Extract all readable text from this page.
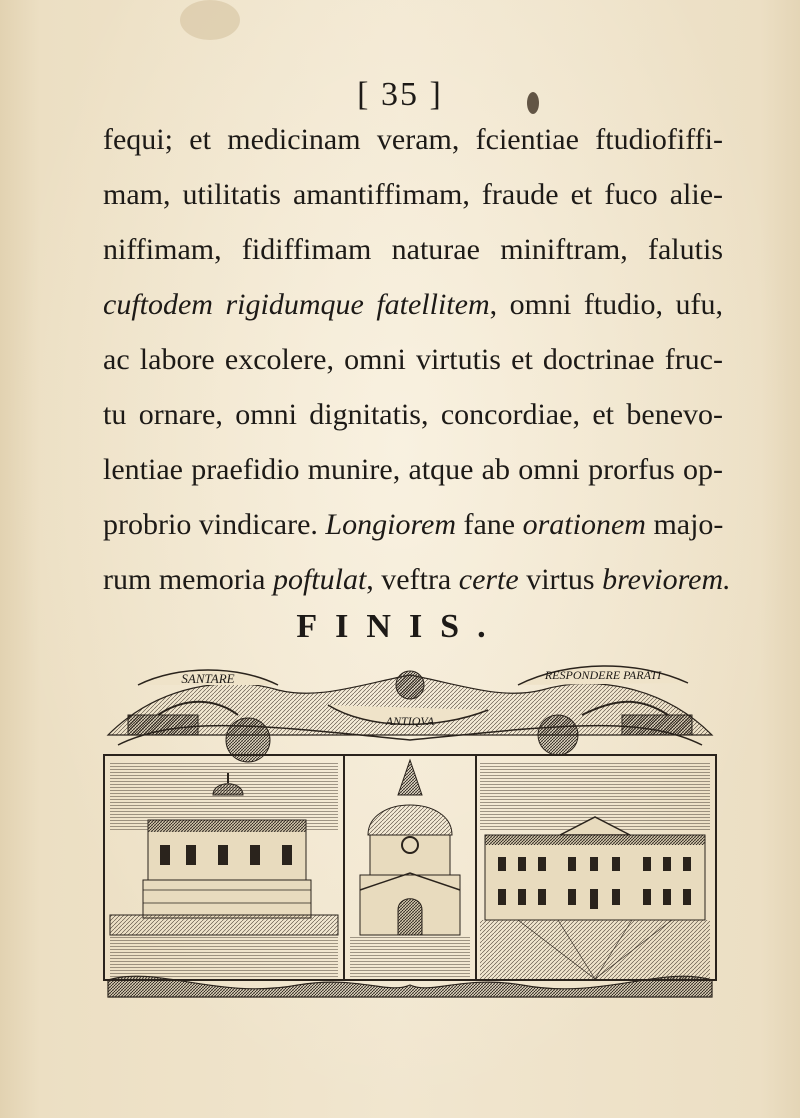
[ 35 ]
fequi; et medicinam veram, fcientiae ftudiofiffi-
mam, utilitatis amantiffimam, fraude et fuco alie-
niffimam, fidiffimam naturae miniftram, falutis
cuftodem rigidumque fatellitem, omni ftudio, ufu,
ac labore excolere, omni virtutis et doctrinae fruc-
tu ornare, omni dignitatis, concordiae, et benevo-
lentiae praefidio munire, atque ab omni prorfus op-
probrio vindicare. Longiorem fane orationem majo-
rum memoria poftulat, veftra certe virtus breviorem.
FINIS.
SANTARE
ANTIQVA
RESPONDERE PARATI
